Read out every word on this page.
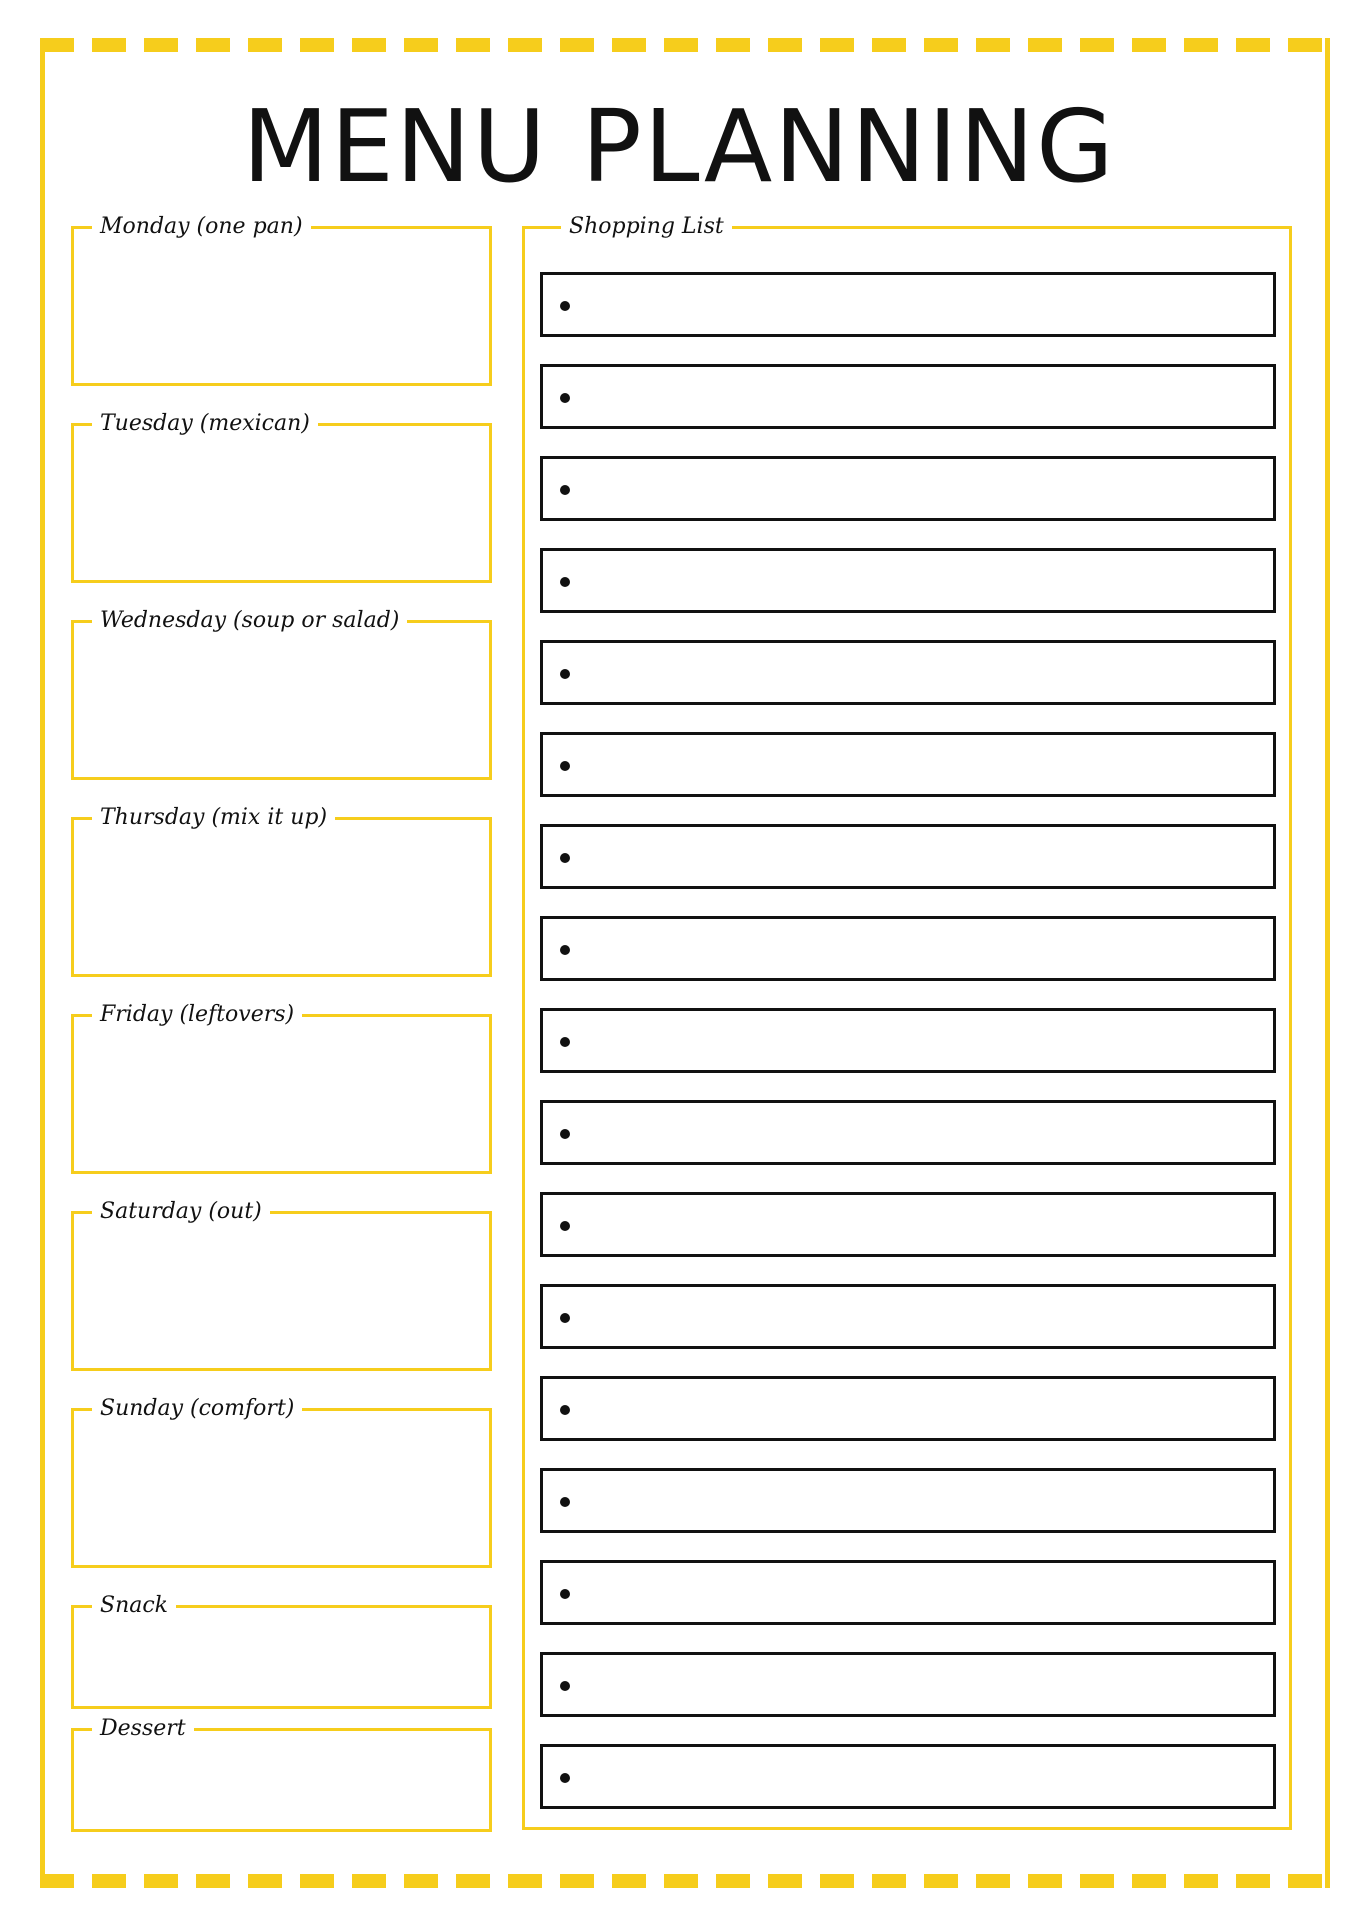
MENU PLANNING
Monday (one pan)
Tuesday (mexican)
Wednesday (soup or salad)
Thursday (mix it up)
Friday (leftovers)
Saturday (out)
Sunday (comfort)
Snack
Dessert
Shopping List
